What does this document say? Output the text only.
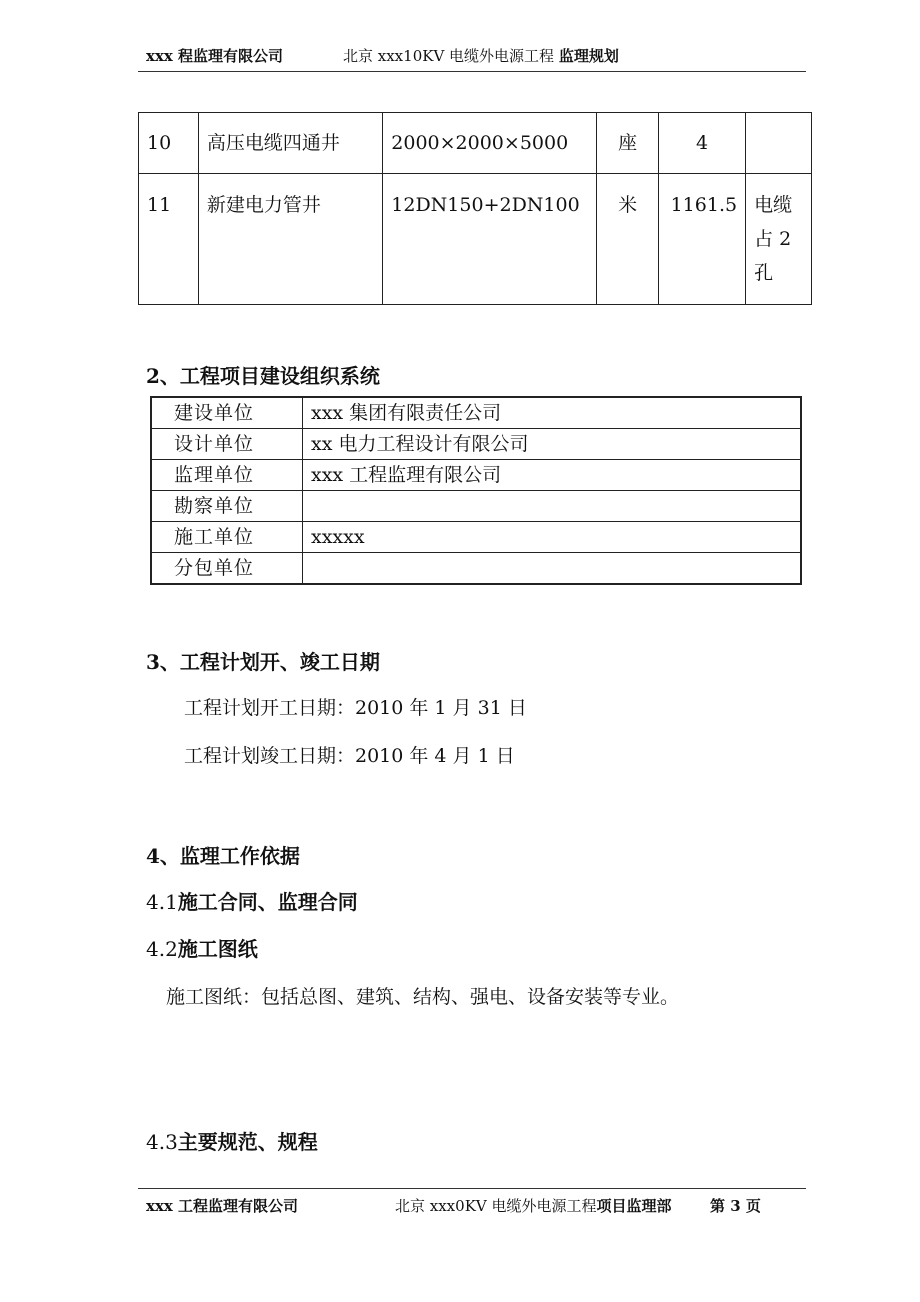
xxx 程监理有限公司	北京 xxx10KV 电缆外电源工程 监理规划
10	高压电缆四通井	2000×2000×5000	座	4	
11	新建电力管井	12DN150+2DN100	米	1161.5	电缆
占 2
孔
2、工程项目建设组织系统
建设单位	xxx 集团有限责任公司
设计单位	xx 电力工程设计有限公司
监理单位	xxx 工程监理有限公司
勘察单位	
施工单位	xxxxx
分包单位	
3、工程计划开、竣工日期
工程计划开工日期：2010 年 1 月 31 日
工程计划竣工日期：2010 年 4 月 1 日
4、监理工作依据
4.1施工合同、监理合同
4.2施工图纸
施工图纸：包括总图、建筑、结构、强电、设备安装等专业。
4.3主要规范、规程
xxx 工程监理有限公司	北京 xxx0KV 电缆外电源工程项目监理部	第 3 页
